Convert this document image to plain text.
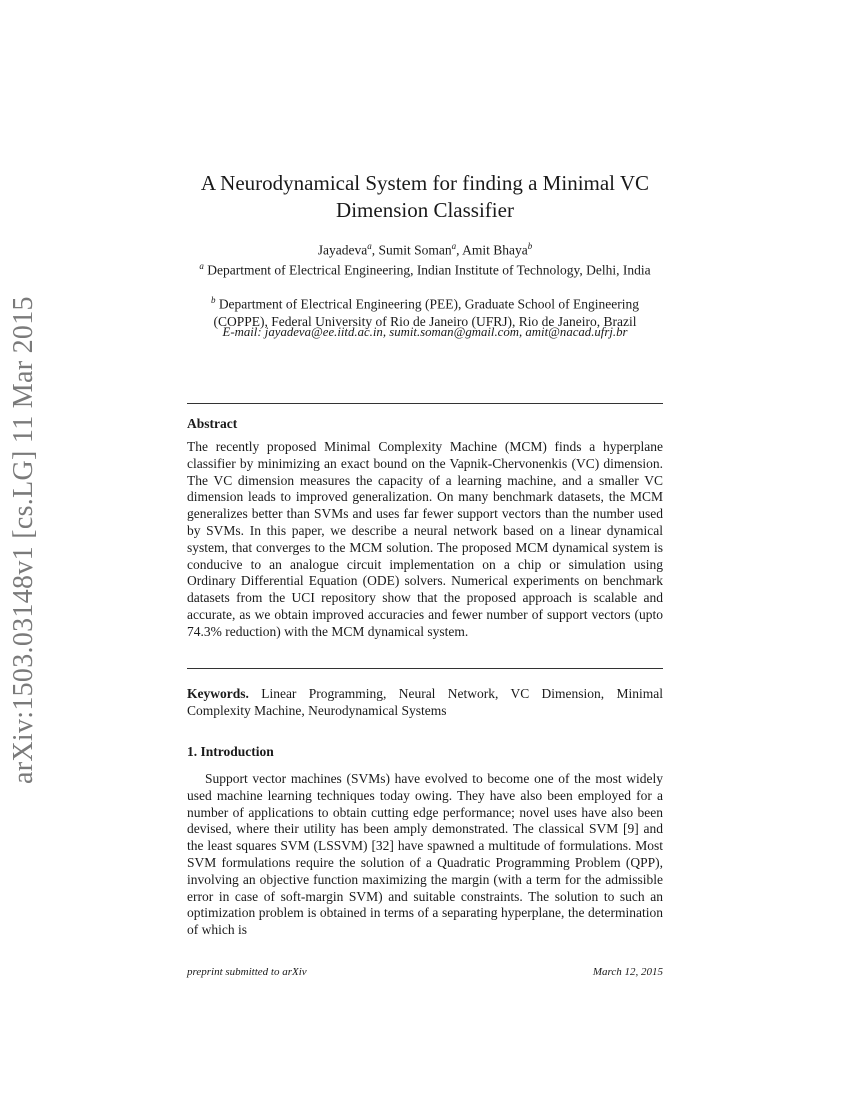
arXiv:1503.03148v1 [cs.LG] 11 Mar 2015
A Neurodynamical System for finding a Minimal VC
Dimension Classifier
Jayadeva$^a$, Sumit Soman$^a$, Amit Bhaya$^b$
$^a$ Department of Electrical Engineering, Indian Institute of Technology, Delhi, India
$^b$ Department of Electrical Engineering (PEE), Graduate School of Engineering (COPPE), Federal University of Rio de Janeiro (UFRJ), Rio de Janeiro, Brazil
E-mail: jayadeva@ee.iitd.ac.in, sumit.soman@gmail.com, amit@nacad.ufrj.br
Abstract
The recently proposed Minimal Complexity Machine (MCM) finds a hyperplane classifier by minimizing an exact bound on the Vapnik-Chervonenkis (VC) dimension. The VC dimension measures the capacity of a learning machine, and a smaller VC dimension leads to improved generalization. On many benchmark datasets, the MCM generalizes better than SVMs and uses far fewer support vectors than the number used by SVMs. In this paper, we describe a neural network based on a linear dynamical system, that converges to the MCM solution. The proposed MCM dynamical system is conducive to an analogue circuit implementation on a chip or simulation using Ordinary Differential Equation (ODE) solvers. Numerical experiments on benchmark datasets from the UCI repository show that the proposed approach is scalable and accurate, as we obtain improved accuracies and fewer number of support vectors (upto 74.3% reduction) with the MCM dynamical system.
Keywords. Linear Programming, Neural Network, VC Dimension, Minimal Complexity Machine, Neurodynamical Systems
1. Introduction
Support vector machines (SVMs) have evolved to become one of the most widely used machine learning techniques today owing. They have also been employed for a number of applications to obtain cutting edge performance; novel uses have also been devised, where their utility has been amply demonstrated. The classical SVM [9] and the least squares SVM (LSSVM) [32] have spawned a multitude of formulations. Most SVM formulations require the solution of a Quadratic Programming Problem (QPP), involving an objective function maximizing the margin (with a term for the admissible error in case of soft-margin SVM) and suitable constraints. The solution to such an optimization problem is obtained in terms of a separating hyperplane, the determination of which is
preprint submitted to arXiv	March 12, 2015
